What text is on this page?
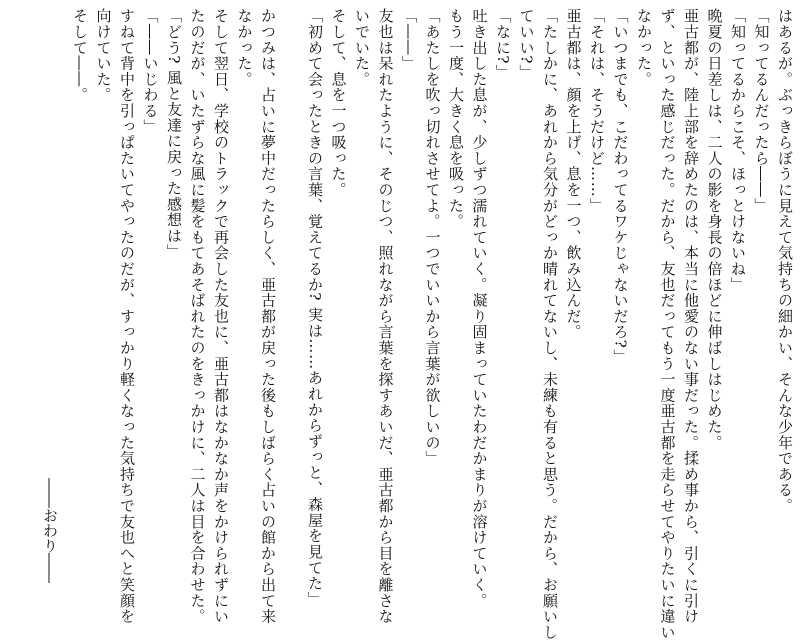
はあるが。ぶっきらぼうに見えて気持ちの細かい、そんな少年である。
「知ってるんだったら――」
「知ってるからこそ、ほっとけないね」
晩夏の日差しは、二人の影を身長の倍ほどに伸ばしはじめた。
亜古都が、陸上部を辞めたのは、本当に他愛のない事だった。揉め事から、引くに引け
ず、といった感じだった。だから、友也だってもう一度亜古都を走らせてやりたいに違い
なかった。
「いつまでも、こだわってるワケじゃないだろ?」
「それは、そうだけど……」
亜古都は、顔を上げ、息を一つ、飲み込んだ。
「たしかに、あれから気分がどっか晴れてないし、未練も有ると思う。だから、お願いし
ていい?」
「なに?」
吐き出した息が、少しずつ濡れていく。凝り固まっていたわだかまりが溶けていく。
もう一度、大きく息を吸った。
「あたしを吹っ切れさせてよ。一つでいいから言葉が欲しいの」
「――」
友也は呆れたように、そのじつ、照れながら言葉を探すあいだ、亜古都から目を離さな
いでいた。
そして、息を一つ吸った。
「初めて会ったときの言葉、覚えてるか? 実は……あれからずっと、森屋を見てた」

かつみは、占いに夢中だったらしく、亜古都が戻った後もしばらく占いの館から出て来
なかった。
そして翌日、学校のトラックで再会した友也に、亜古都はなかなか声をかけられずにい
たのだが、いたずらな風に髪をもてあそばれたのをきっかけに、二人は目を合わせた。
「どう? 風と友達に戻った感想は」
「――いじわる」
すねて背中を引っぱたいてやったのだが、すっかり軽くなった気持ちで友也へと笑顔を
向けていた。
そして――。
――おわり――
